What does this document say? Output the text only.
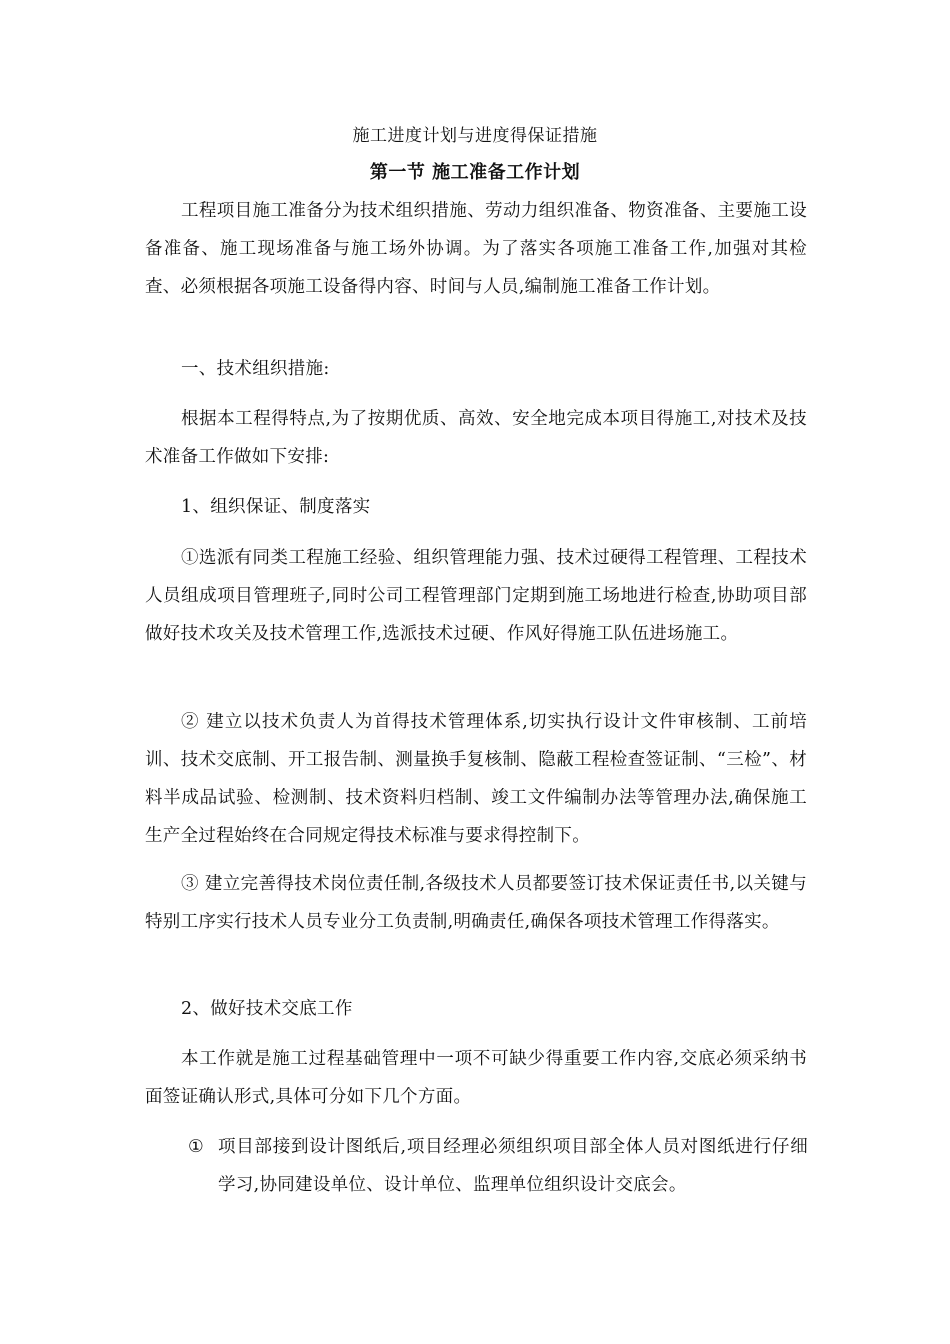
施工进度计划与进度得保证措施
第一节 施工准备工作计划

工程项目施工准备分为技术组织措施、劳动力组织准备、物资准备、主要施工设备准备、施工现场准备与施工场外协调。为了落实各项施工准备工作,加强对其检查、必须根据各项施工设备得内容、时间与人员,编制施工准备工作计划。

一、技术组织措施:

根据本工程得特点,为了按期优质、高效、安全地完成本项目得施工,对技术及技术准备工作做如下安排:

1、组织保证、制度落实

①选派有同类工程施工经验、组织管理能力强、技术过硬得工程管理、工程技术人员组成项目管理班子,同时公司工程管理部门定期到施工场地进行检查,协助项目部做好技术攻关及技术管理工作,选派技术过硬、作风好得施工队伍进场施工。

② 建立以技术负责人为首得技术管理体系,切实执行设计文件审核制、工前培训、技术交底制、开工报告制、测量换手复核制、隐蔽工程检查签证制、“三检”、材料半成品试验、检测制、技术资料归档制、竣工文件编制办法等管理办法,确保施工生产全过程始终在合同规定得技术标准与要求得控制下。

③ 建立完善得技术岗位责任制,各级技术人员都要签订技术保证责任书,以关键与特别工序实行技术人员专业分工负责制,明确责任,确保各项技术管理工作得落实。

2、做好技术交底工作

本工作就是施工过程基础管理中一项不可缺少得重要工作内容,交底必须采纳书面签证确认形式,具体可分如下几个方面。

① 项目部接到设计图纸后,项目经理必须组织项目部全体人员对图纸进行仔细学习,协同建设单位、设计单位、监理单位组织设计交底会。
